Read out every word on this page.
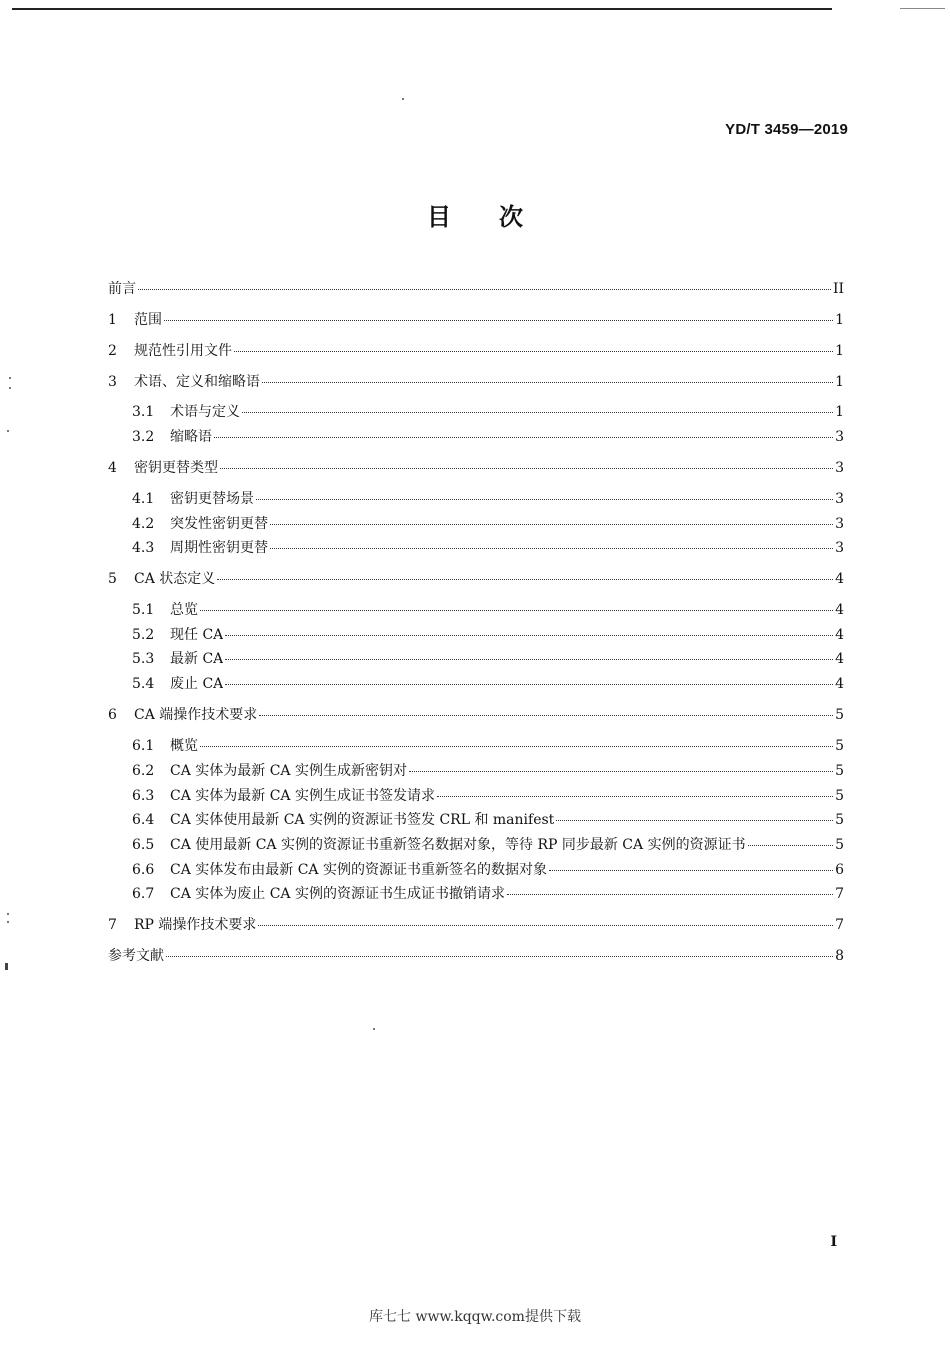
YD/T 3459—2019
目 次
前言	II
1	范围	1
2	规范性引用文件	1
3	术语、定义和缩略语	1
3.1	术语与定义	1
3.2	缩略语	3
4	密钥更替类型	3
4.1	密钥更替场景	3
4.2	突发性密钥更替	3
4.3	周期性密钥更替	3
5	CA 状态定义	4
5.1	总览	4
5.2	现任 CA	4
5.3	最新 CA	4
5.4	废止 CA	4
6	CA 端操作技术要求	5
6.1	概览	5
6.2	CA 实体为最新 CA 实例生成新密钥对	5
6.3	CA 实体为最新 CA 实例生成证书签发请求	5
6.4	CA 实体使用最新 CA 实例的资源证书签发 CRL 和 manifest	5
6.5	CA 使用最新 CA 实例的资源证书重新签名数据对象，等待 RP 同步最新 CA 实例的资源证书	5
6.6	CA 实体发布由最新 CA 实例的资源证书重新签名的数据对象	6
6.7	CA 实体为废止 CA 实例的资源证书生成证书撤销请求	7
7	RP 端操作技术要求	7
参考文献	8
I
库七七 www.kqqw.com提供下载
